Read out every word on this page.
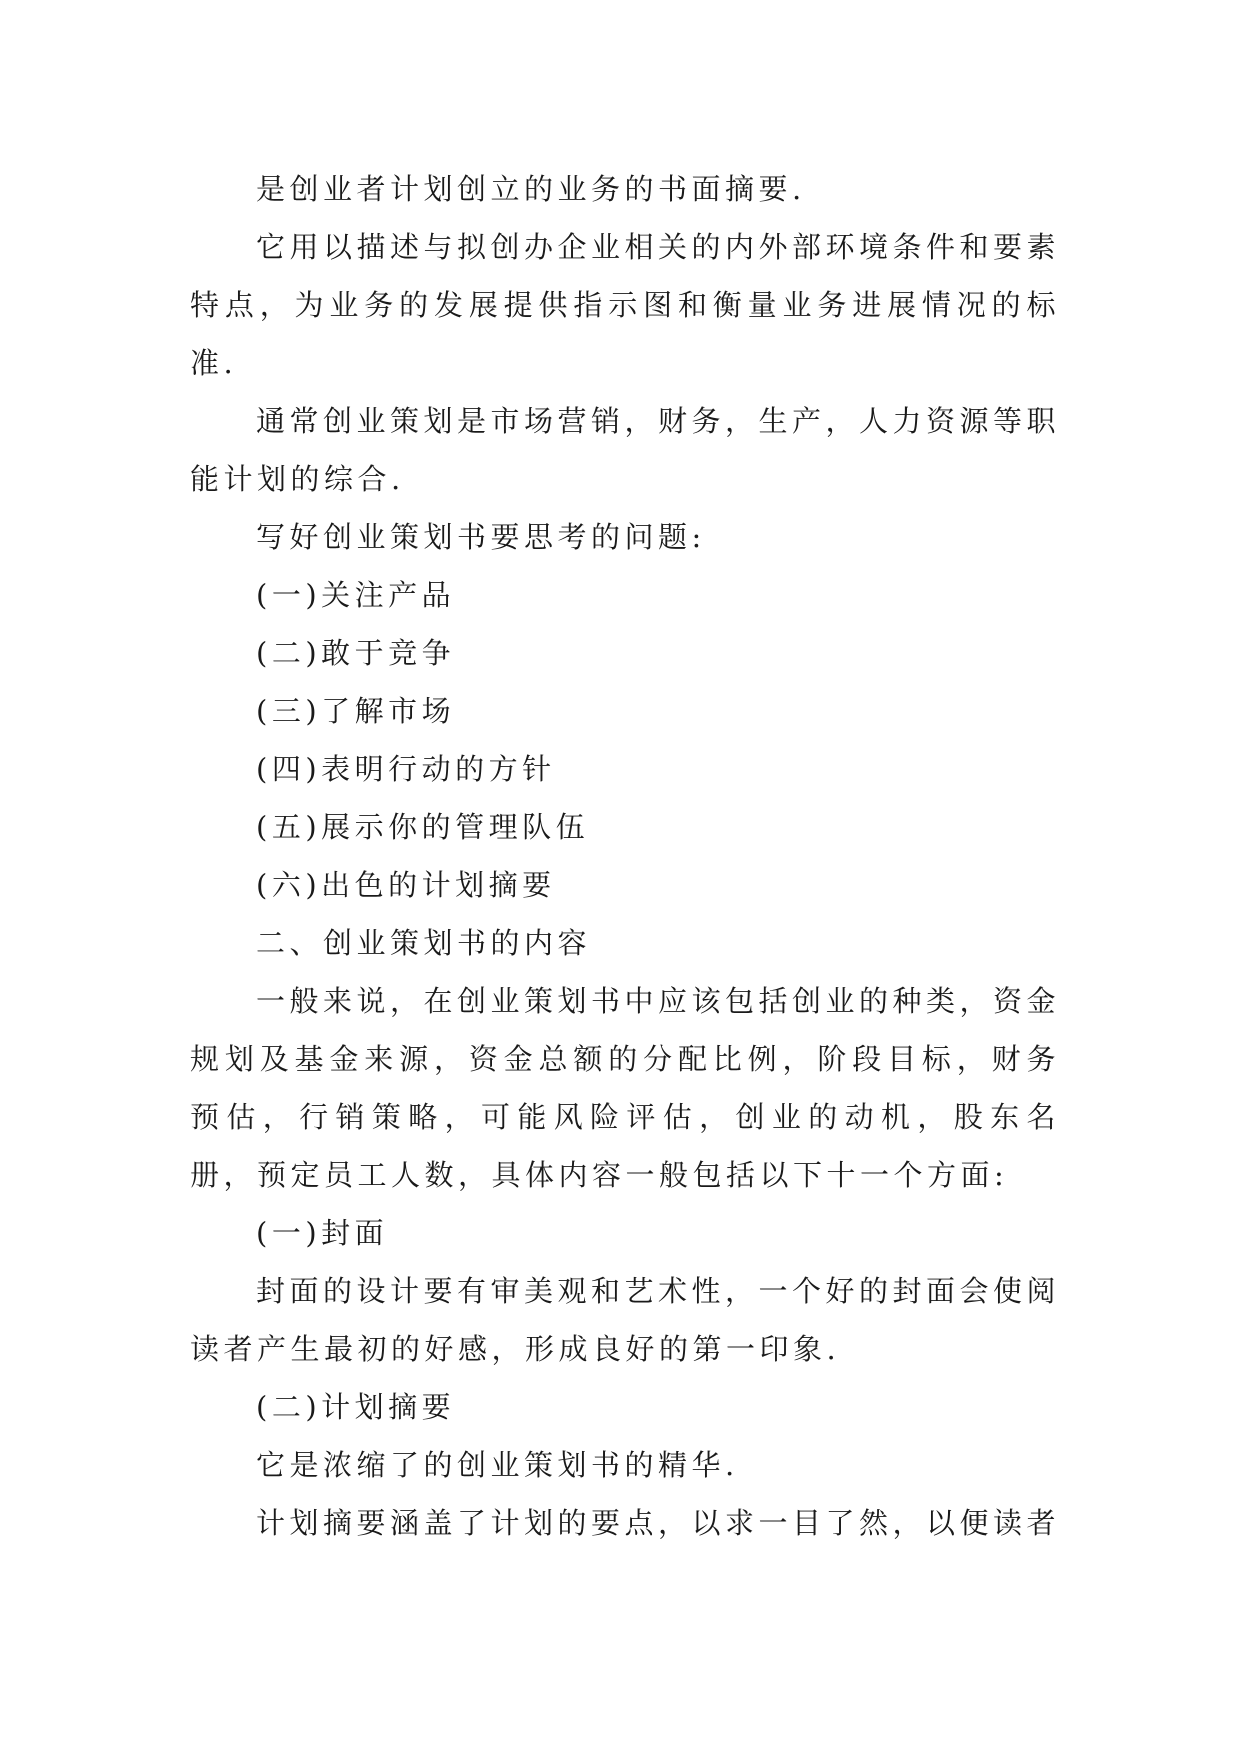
是创业者计划创立的业务的书面摘要.

它用以描述与拟创办企业相关的内外部环境条件和要素特点，为业务的发展提供指示图和衡量业务进展情况的标准.

通常创业策划是市场营销，财务，生产，人力资源等职能计划的综合.

写好创业策划书要思考的问题:

(一)关注产品

(二)敢于竞争

(三)了解市场

(四)表明行动的方针

(五)展示你的管理队伍

(六)出色的计划摘要

二、创业策划书的内容

一般来说，在创业策划书中应该包括创业的种类，资金规划及基金来源，资金总额的分配比例，阶段目标，财务预估，行销策略，可能风险评估，创业的动机，股东名册，预定员工人数，具体内容一般包括以下十一个方面:

(一)封面

封面的设计要有审美观和艺术性，一个好的封面会使阅读者产生最初的好感，形成良好的第一印象.

(二)计划摘要

它是浓缩了的创业策划书的精华.

计划摘要涵盖了计划的要点，以求一目了然，以便读者
